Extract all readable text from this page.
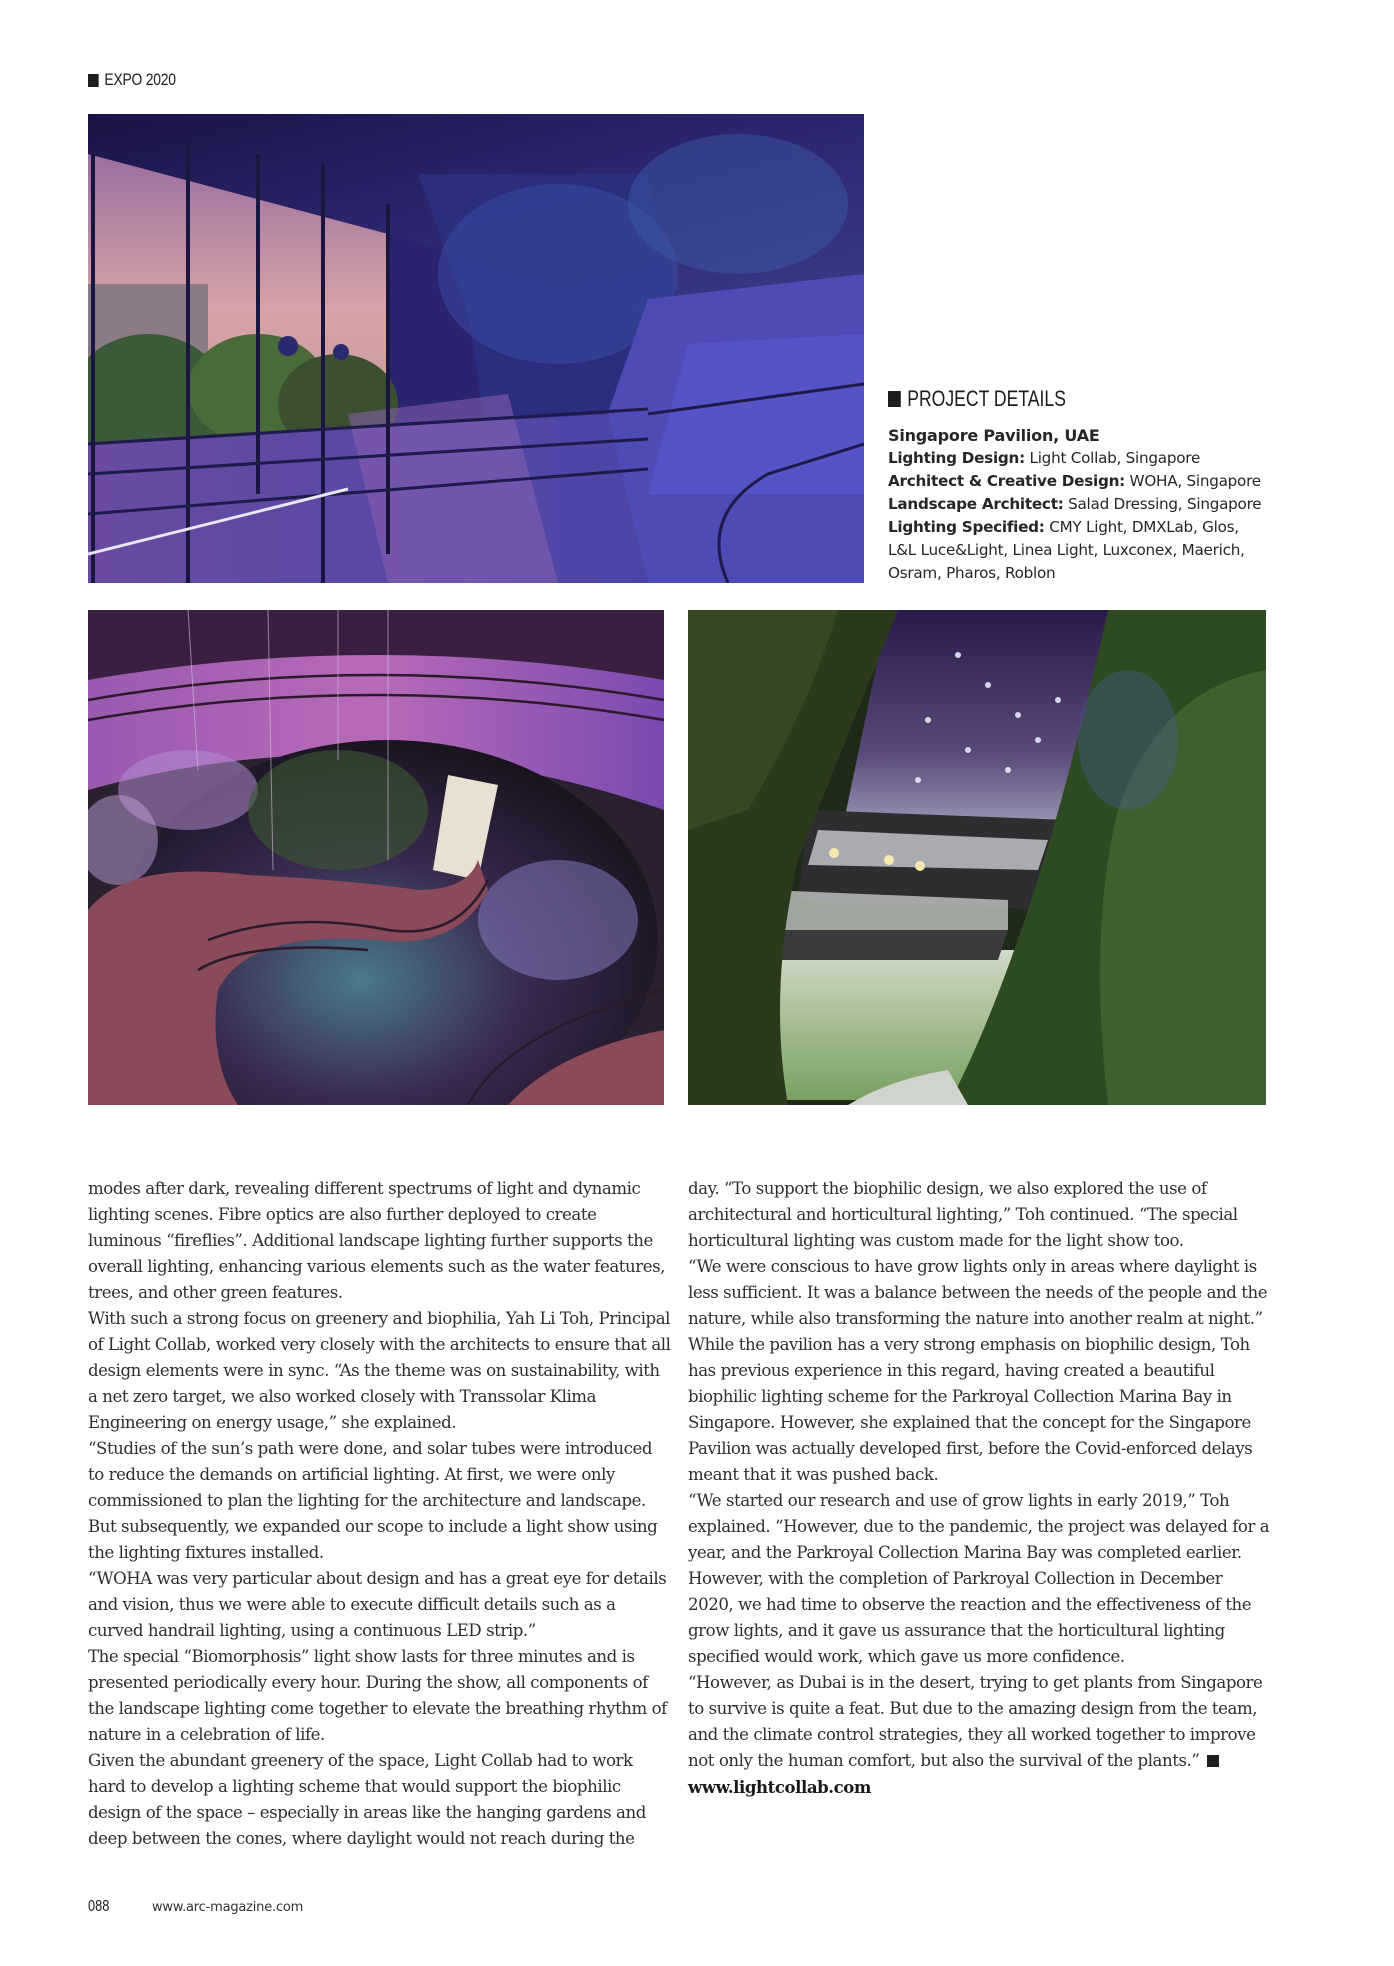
EXPO 2020
PROJECT DETAILS
Singapore Pavilion, UAE
Lighting Design: Light Collab, Singapore
Architect & Creative Design: WOHA, Singapore
Landscape Architect: Salad Dressing, Singapore
Lighting Specified: CMY Light, DMXLab, Glos,
L&L Luce&Light, Linea Light, Luxconex, Maerich,
Osram, Pharos, Roblon

modes after dark, revealing different spectrums of light and dynamic lighting scenes. Fibre optics are also further deployed to create luminous “fireflies”. Additional landscape lighting further supports the overall lighting, enhancing various elements such as the water features, trees, and other green features.

With such a strong focus on greenery and biophilia, Yah Li Toh, Principal of Light Collab, worked very closely with the architects to ensure that all design elements were in sync. “As the theme was on sustainability, with a net zero target, we also worked closely with Transsolar Klima Engineering on energy usage,” she explained.

“Studies of the sun’s path were done, and solar tubes were introduced to reduce the demands on artificial lighting. At first, we were only commissioned to plan the lighting for the architecture and landscape. But subsequently, we expanded our scope to include a light show using the lighting fixtures installed.

“WOHA was very particular about design and has a great eye for details and vision, thus we were able to execute difficult details such as a curved handrail lighting, using a continuous LED strip.”

The special “Biomorphosis” light show lasts for three minutes and is presented periodically every hour. During the show, all components of the landscape lighting come together to elevate the breathing rhythm of nature in a celebration of life.

Given the abundant greenery of the space, Light Collab had to work hard to develop a lighting scheme that would support the biophilic design of the space – especially in areas like the hanging gardens and deep between the cones, where daylight would not reach during the

day. “To support the biophilic design, we also explored the use of architectural and horticultural lighting,” Toh continued. “The special horticultural lighting was custom made for the light show too.

“We were conscious to have grow lights only in areas where daylight is less sufficient. It was a balance between the needs of the people and the nature, while also transforming the nature into another realm at night.”

While the pavilion has a very strong emphasis on biophilic design, Toh has previous experience in this regard, having created a beautiful biophilic lighting scheme for the Parkroyal Collection Marina Bay in Singapore. However, she explained that the concept for the Singapore Pavilion was actually developed first, before the Covid-enforced delays meant that it was pushed back.

“We started our research and use of grow lights in early 2019,” Toh explained. “However, due to the pandemic, the project was delayed for a year, and the Parkroyal Collection Marina Bay was completed earlier. However, with the completion of Parkroyal Collection in December 2020, we had time to observe the reaction and the effectiveness of the grow lights, and it gave us assurance that the horticultural lighting specified would work, which gave us more confidence.

“However, as Dubai is in the desert, trying to get plants from Singapore to survive is quite a feat. But due to the amazing design from the team, and the climate control strategies, they all worked together to improve not only the human comfort, but also the survival of the plants.”

www.lightcollab.com

088	www.arc-magazine.com
